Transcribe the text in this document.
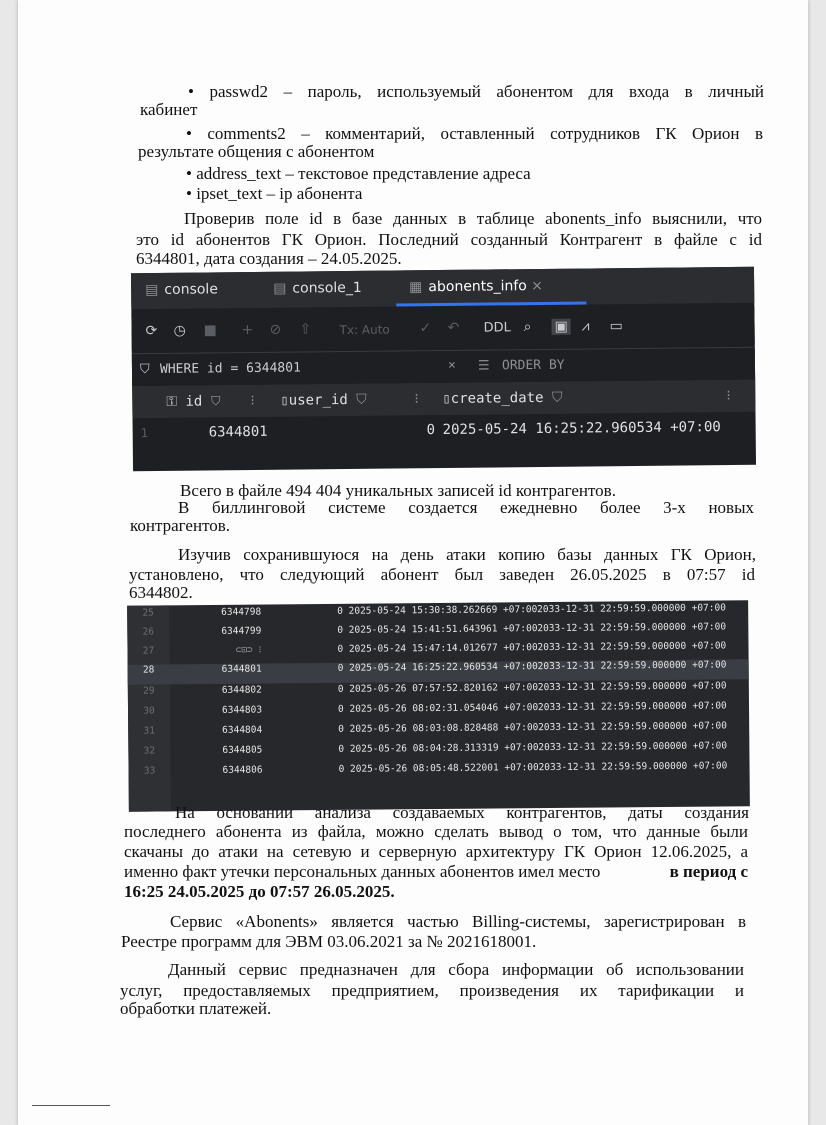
• passwd2 – пароль, используемый абонентом для входа в личный
кабинет
• comments2 – комментарий, оставленный сотрудников ГК Орион в
результате общения с абонентом
• address_text – текстовое представление адреса
• ipset_text – ip абонента
Проверив поле id в базе данных в таблице abonents_info выяснили, что
это id абонентов ГК Орион. Последний созданный Контрагент в файле с id
6344801, дата создания – 24.05.2025.
▤ console	▤ console_1	▦ abonents_info ×
⟳ ◷ ■ + ⊘ ⇧ Tx: Auto ✓ ↶ DDL ⌕ ▣ ⩘ ▭
⛉ WHERE id = 6344801	× ☰ ORDER BY
⚿ id ⛉ ⁝ ▯user_id ⛉	⁝ ▯create_date ⛉	⁝
1	6344801	0 2025-05-24 16:25:22.960534 +07:00
Всего в файле 494 404 уникальных записей id контрагентов.
В биллинговой системе создается ежедневно более 3-х новых
контрагентов.
Изучив сохранившуюся на день атаки копию базы данных ГК Орион,
установлено, что следующий абонент был заведен 26.05.2025 в 07:57 id
6344802.
25	6344798	0 2025-05-24 15:30:38.262669 +07:00 2033-12-31 22:59:59.000000 +07:00
26	6344799	0 2025-05-24 15:41:51.643961 +07:00 2033-12-31 22:59:59.000000 +07:00
27	⊂⊡⊃ ⁝	0 2025-05-24 15:47:14.012677 +07:00 2033-12-31 22:59:59.000000 +07:00
28	6344801	0 2025-05-24 16:25:22.960534 +07:00 2033-12-31 22:59:59.000000 +07:00
29	6344802	0 2025-05-26 07:57:52.820162 +07:00 2033-12-31 22:59:59.000000 +07:00
30	6344803	0 2025-05-26 08:02:31.054046 +07:00 2033-12-31 22:59:59.000000 +07:00
31	6344804	0 2025-05-26 08:03:08.828488 +07:00 2033-12-31 22:59:59.000000 +07:00
32	6344805	0 2025-05-26 08:04:28.313319 +07:00 2033-12-31 22:59:59.000000 +07:00
33	6344806	0 2025-05-26 08:05:48.522001 +07:00 2033-12-31 22:59:59.000000 +07:00
На основании анализа создаваемых контрагентов, даты создания
последнего абонента из файла, можно сделать вывод о том, что данные были
скачаны до атаки на сетевую и серверную архитектуру ГК Орион 12.06.2025, а
именно факт утечки персональных данных абонентов имел место	в период с
16:25 24.05.2025 до 07:57 26.05.2025.
Сервис «Abonents» является частью Billing-системы, зарегистрирован в
Реестре программ для ЭВМ 03.06.2021 за № 2021618001.
Данный сервис предназначен для сбора информации об использовании
услуг, предоставляемых предприятием, произведения их тарификации и
обработки платежей.
